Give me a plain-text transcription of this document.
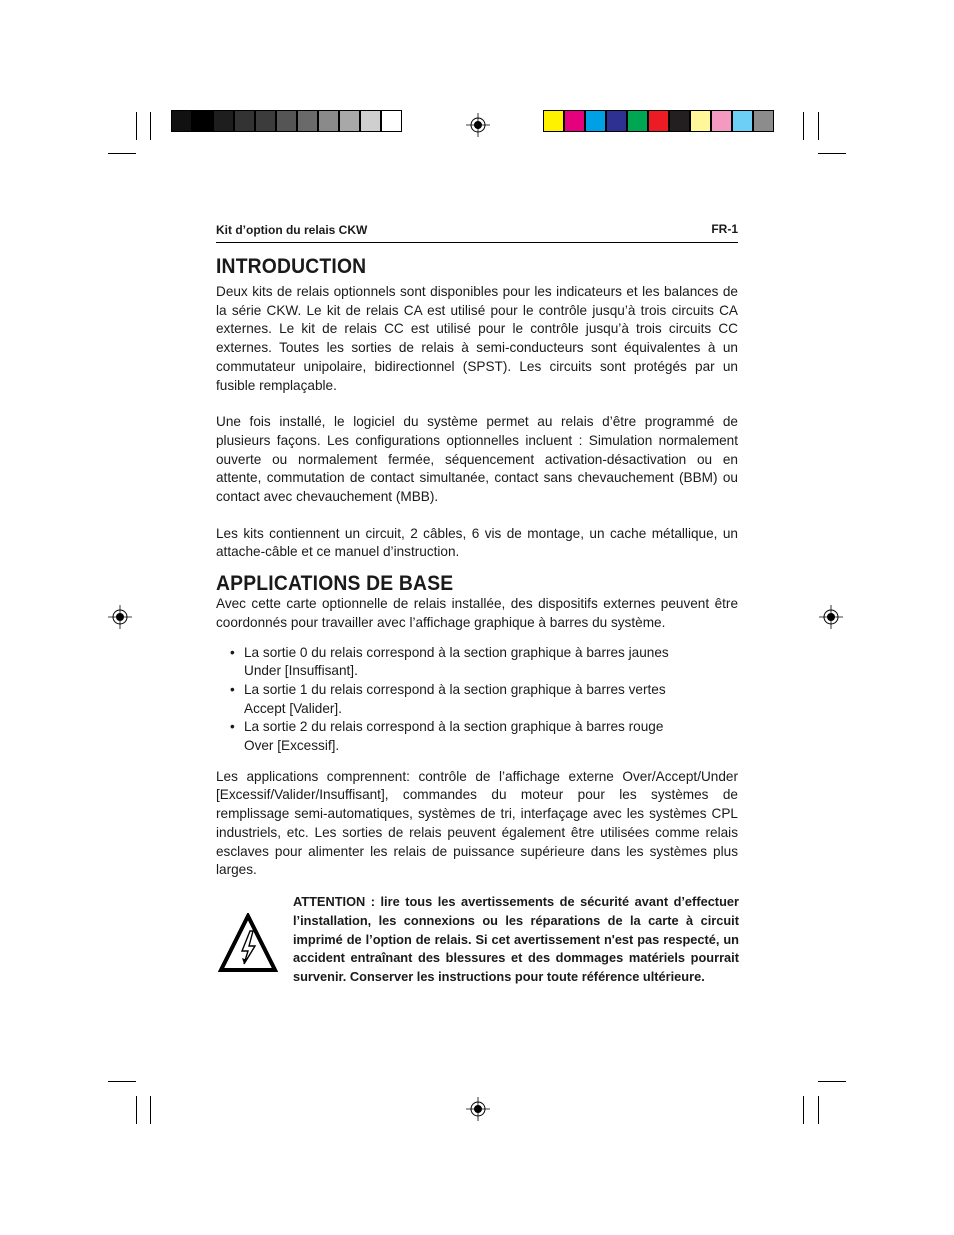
Kit d’option du relais CKW	FR-1
INTRODUCTION

Deux kits de relais optionnels sont disponibles pour les indicateurs et les balances de la série CKW. Le kit de relais CA est utilisé pour le contrôle jusqu’à trois circuits CA externes. Le kit de relais CC est utilisé pour le contrôle jusqu’à trois circuits CC externes. Toutes les sorties de relais à semi-conducteurs sont équivalentes à un commutateur unipolaire, bidirectionnel (SPST). Les circuits sont protégés par un fusible remplaçable.

Une fois installé, le logiciel du système permet au relais d’être programmé de plusieurs façons. Les configurations optionnelles incluent : Simulation normalement ouverte ou normalement fermée, séquencement activation-désactivation ou en attente, commutation de contact simultanée, contact sans chevauchement (BBM) ou contact avec chevauchement (MBB).

Les kits contiennent un circuit, 2 câbles, 6 vis de montage, un cache métallique, un attache-câble et ce manuel d’instruction.

APPLICATIONS DE BASE

Avec cette carte optionnelle de relais installée, des dispositifs externes peuvent être coordonnés pour travailler avec l’affichage graphique à barres du système.

• La sortie 0 du relais correspond à la section graphique à barres jaunes Under [Insuffisant].
• La sortie 1 du relais correspond à la section graphique à barres vertes Accept [Valider].
• La sortie 2 du relais correspond à la section graphique à barres rouge Over [Excessif].

Les applications comprennent: contrôle de l’affichage externe Over/Accept/Under [Excessif/Valider/Insuffisant], commandes du moteur pour les systèmes de remplissage semi-automatiques, systèmes de tri, interfaçage avec les systèmes CPL industriels, etc. Les sorties de relais peuvent également être utilisées comme relais esclaves pour alimenter les relais de puissance supérieure dans les systèmes plus larges.

ATTENTION : lire tous les avertissements de sécurité avant d’effectuer l’installation, les connexions ou les réparations de la carte à circuit imprimé de l’option de relais. Si cet avertissement n'est pas respecté, un accident entraînant des blessures et des dommages matériels pourrait survenir. Conserver les instructions pour toute référence ultérieure.
